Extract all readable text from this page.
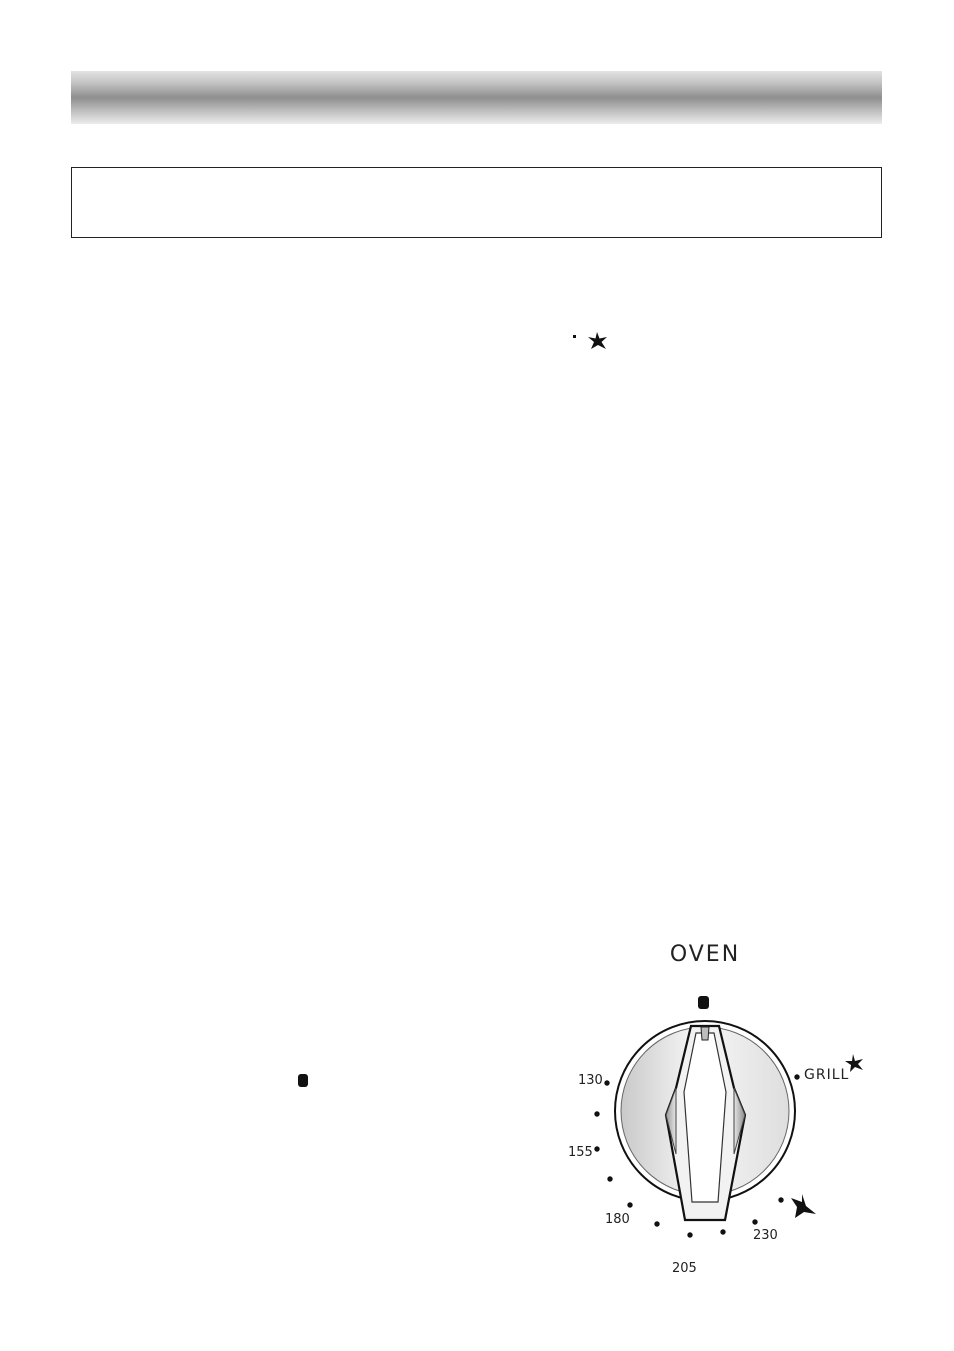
OVEN
130
155
180
205
230
GRILL
